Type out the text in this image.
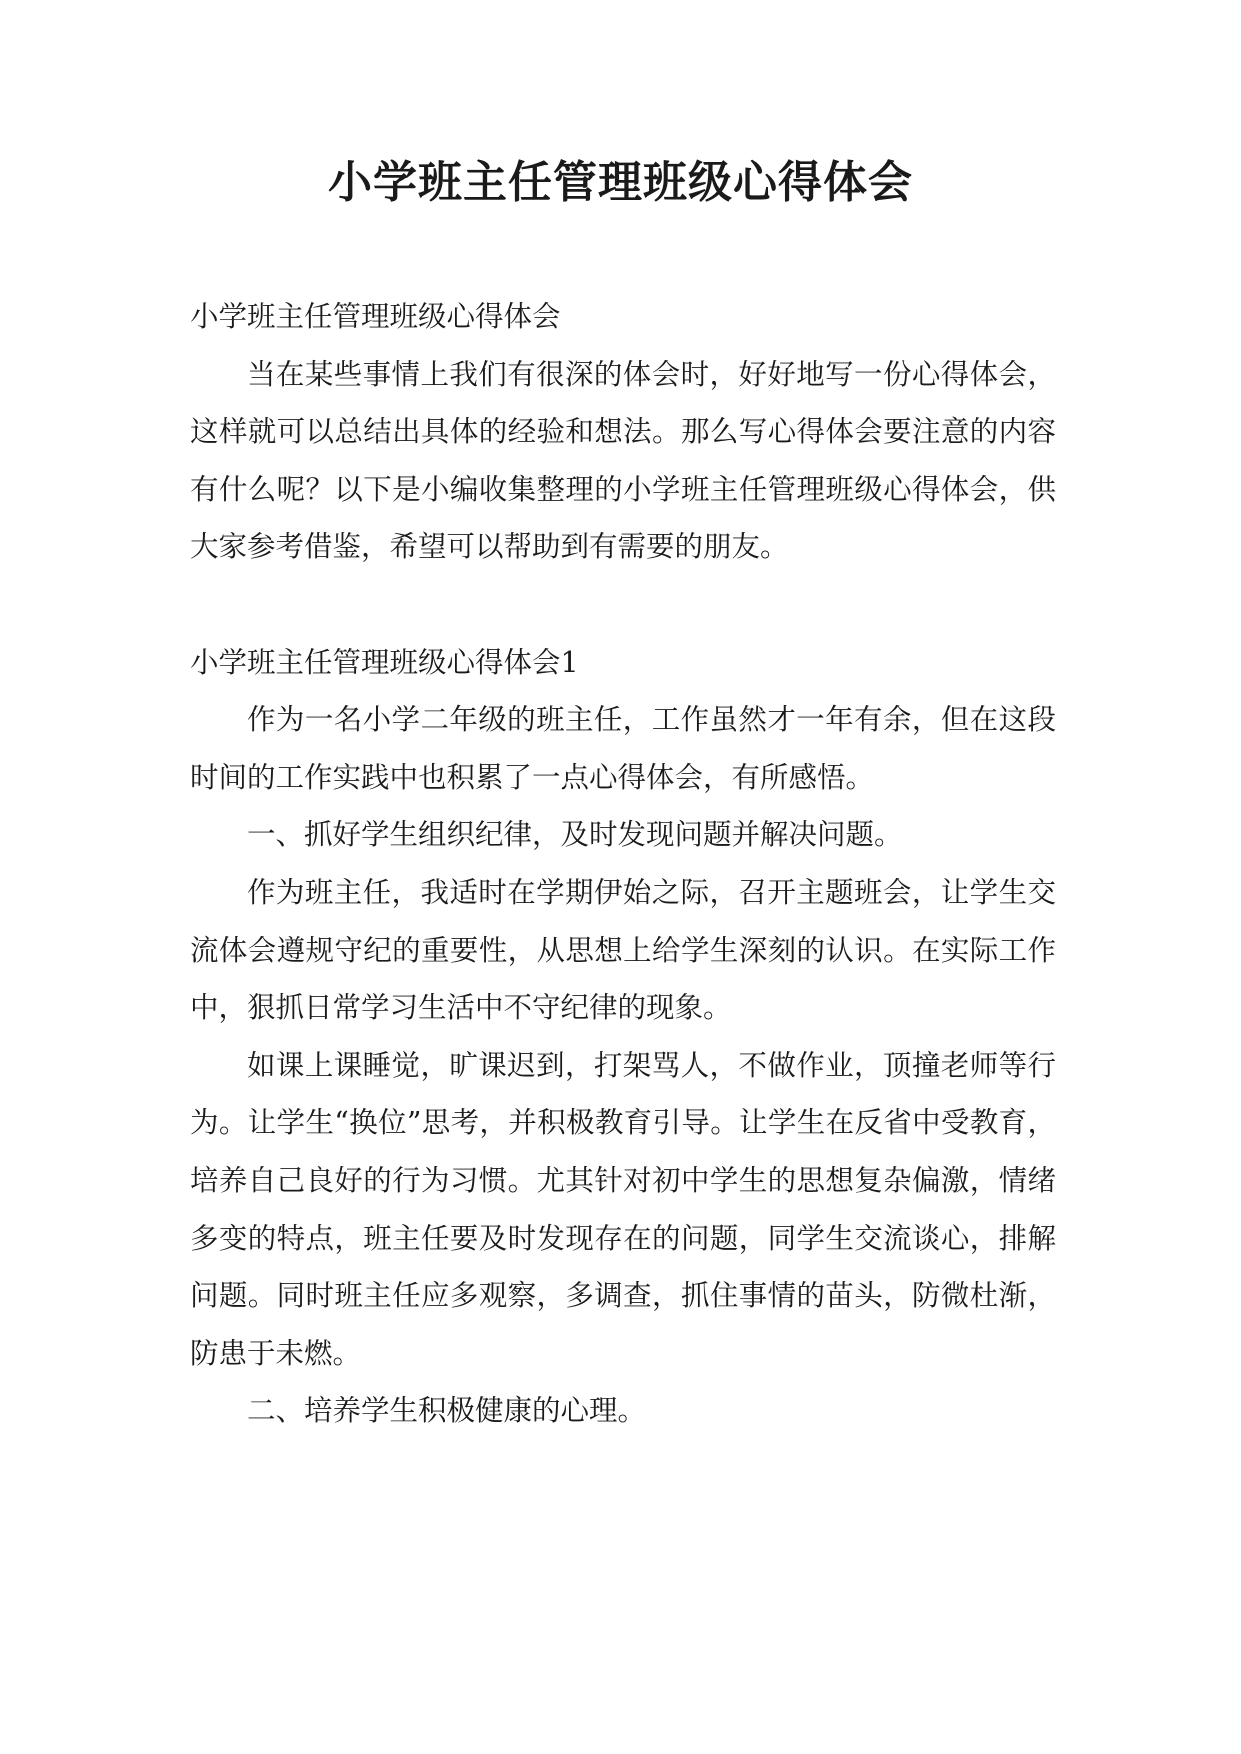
小学班主任管理班级心得体会

小学班主任管理班级心得体会

当在某些事情上我们有很深的体会时，好好地写一份心得体会，这样就可以总结出具体的经验和想法。那么写心得体会要注意的内容有什么呢？以下是小编收集整理的小学班主任管理班级心得体会，供大家参考借鉴，希望可以帮助到有需要的朋友。

小学班主任管理班级心得体会1

作为一名小学二年级的班主任，工作虽然才一年有余，但在这段时间的工作实践中也积累了一点心得体会，有所感悟。

一、抓好学生组织纪律，及时发现问题并解决问题。

作为班主任，我适时在学期伊始之际，召开主题班会，让学生交流体会遵规守纪的重要性，从思想上给学生深刻的认识。在实际工作中，狠抓日常学习生活中不守纪律的现象。

如课上课睡觉，旷课迟到，打架骂人，不做作业，顶撞老师等行为。让学生“换位”思考，并积极教育引导。让学生在反省中受教育，培养自己良好的行为习惯。尤其针对初中学生的思想复杂偏激，情绪多变的特点，班主任要及时发现存在的问题，同学生交流谈心，排解问题。同时班主任应多观察，多调查，抓住事情的苗头，防微杜渐，防患于未燃。

二、培养学生积极健康的心理。
